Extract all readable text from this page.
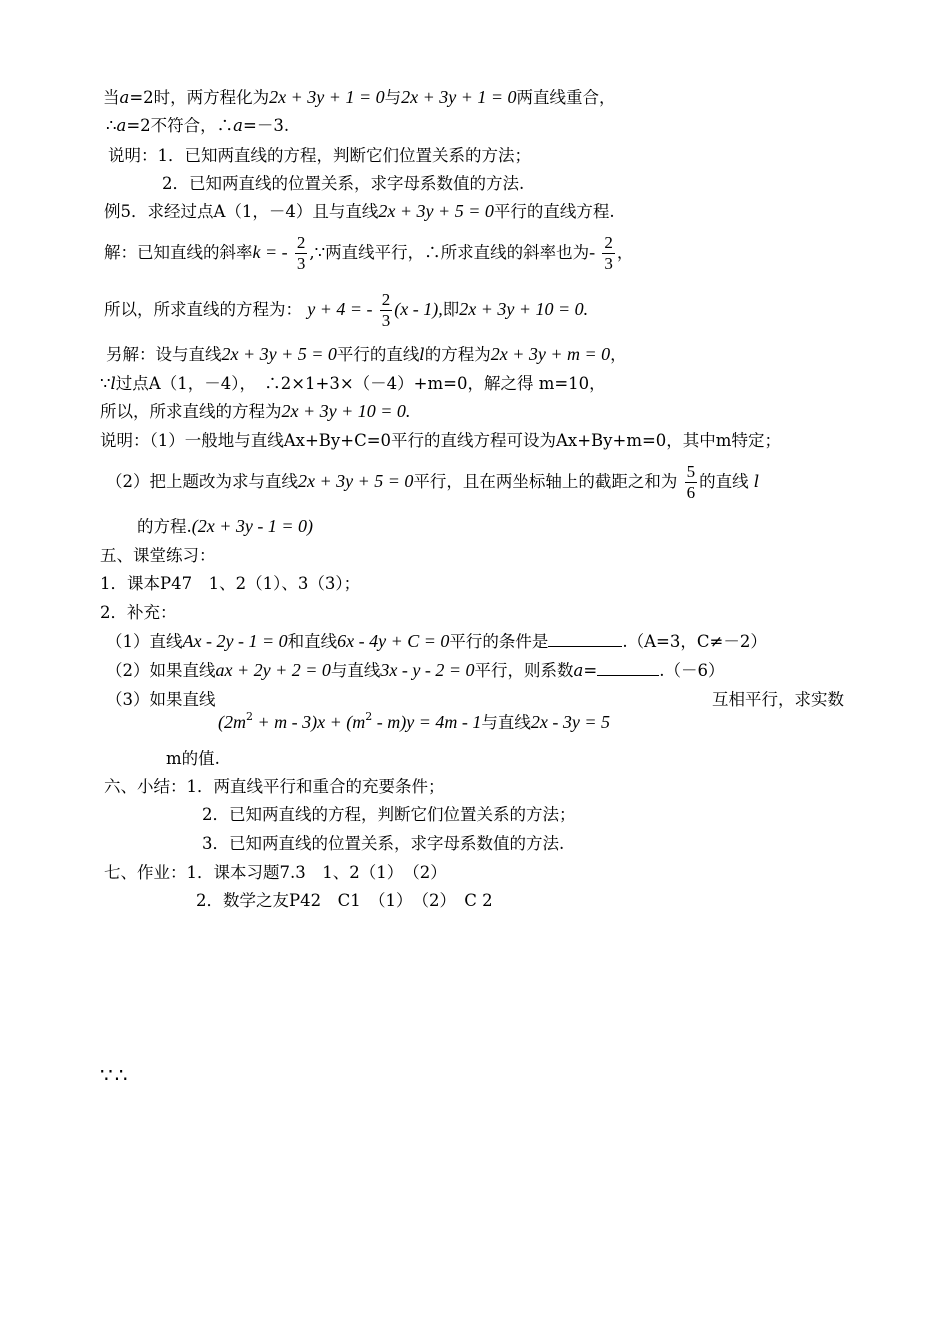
当a=2时，两方程化为2x + 3y + 1 = 0与2x + 3y + 1 = 0两直线重合，
∴a=2不符合，∴a=－3.
说明：1．已知两直线的方程，判断它们位置关系的方法；
2．已知两直线的位置关系，求字母系数值的方法.
例5．求经过点A（1，－4）且与直线2x + 3y + 5 = 0平行的直线方程.
解：已知直线的斜率k = - $\frac{2}{3}$ ,∵两直线平行，∴所求直线的斜率也为- $\frac{2}{3}$ ，
所以，所求直线的方程为： y + 4 = - $\frac{2}{3} (x - 1)$,即2x + 3y + 10 = 0.
另解：设与直线2x + 3y + 5 = 0平行的直线l的方程为2x + 3y + m = 0，
∵l过点A（1，－4），　∴2×1+3×（－4）+m=0，解之得 m=10，
所以，所求直线的方程为2x + 3y + 10 = 0.
说明：（1）一般地与直线Ax+By+C=0平行的直线方程可设为Ax+By+m=0，其中m特定；
（2）把上题改为求与直线2x + 3y + 5 = 0平行，且在两坐标轴上的截距之和为 $\frac{5}{6}$ 的直线 l
的方程.(2x + 3y - 1 = 0)
五、课堂练习：
1．课本P47　1、2（1）、3（3）；
2．补充：
（1）直线Ax - 2y - 1 = 0和直线6x - 4y + C = 0平行的条件是	.（A=3，C≠－2）
（2）如果直线ax + 2y + 2 = 0与直线3x - y - 2 = 0平行，则系数a=	.（－6）
（3）如果直线
$(2m^2 + m - 3)x + (m^2 - m)y = 4m - 1$与直线2x - 3y = 5
互相平行，求实数
m的值.
六、小结：1．两直线平行和重合的充要条件；
2．已知两直线的方程，判断它们位置关系的方法；
3．已知两直线的位置关系，求字母系数值的方法.
七、作业：1．课本习题7.3　1、2（1）　（2）
2．数学之友P42　C1　（1）　（2）　C 2
∵∴
